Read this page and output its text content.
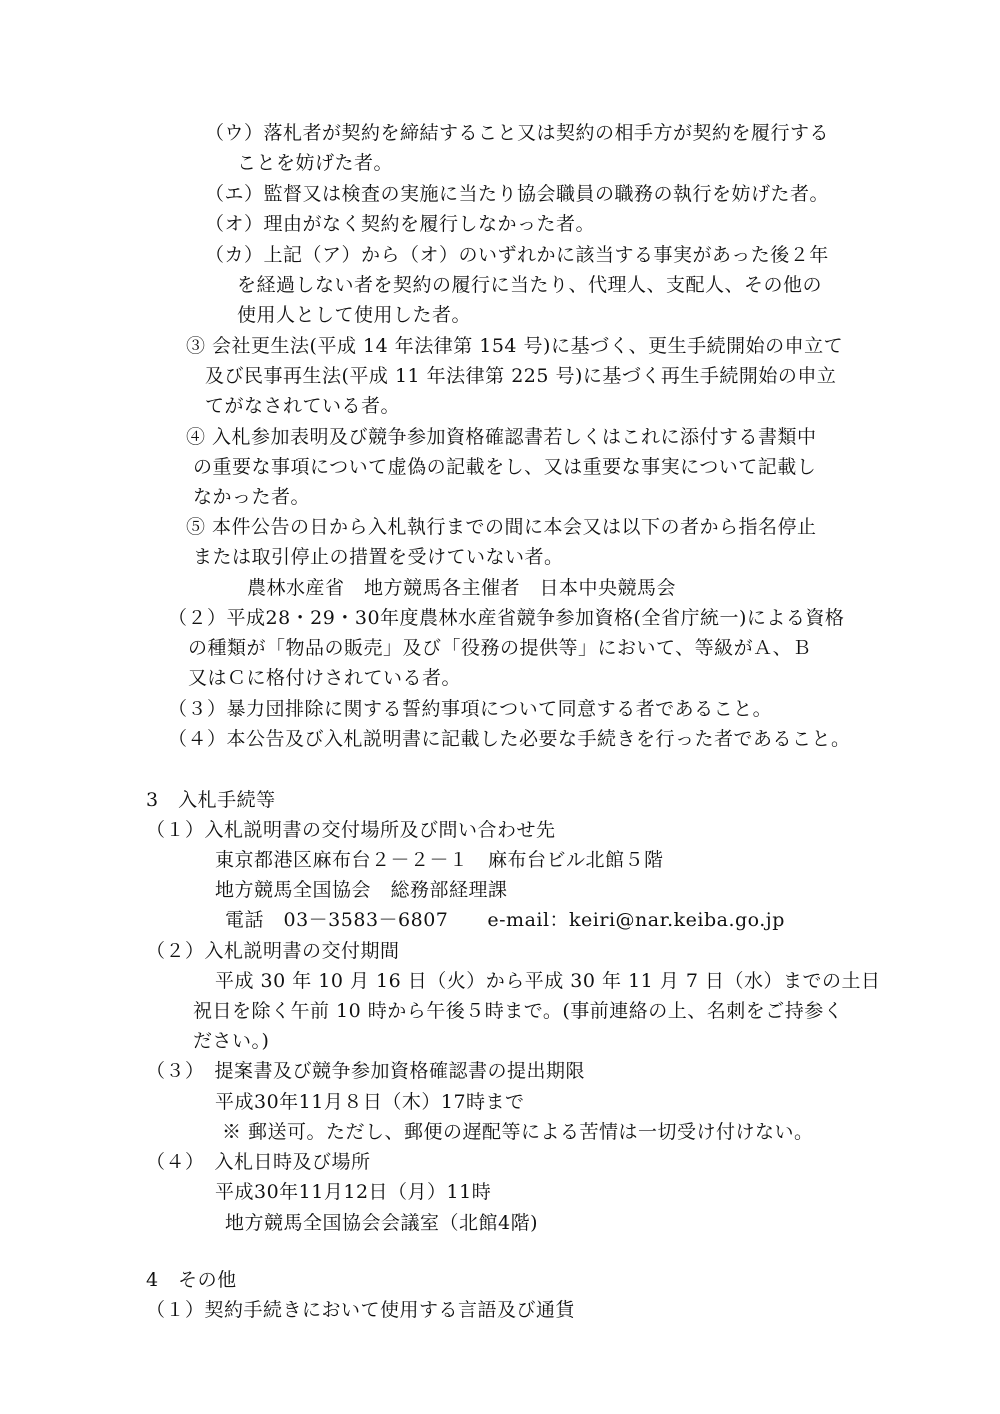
（ウ）落札者が契約を締結すること又は契約の相手方が契約を履行する
ことを妨げた者。
（エ）監督又は検査の実施に当たり協会職員の職務の執行を妨げた者。
（オ）理由がなく契約を履行しなかった者。
（カ）上記（ア）から（オ）のいずれかに該当する事実があった後２年
を経過しない者を契約の履行に当たり、代理人、支配人、その他の
使用人として使用した者。
③ 会社更生法(平成 14 年法律第 154 号)に基づく、更生手続開始の申立て
及び民事再生法(平成 11 年法律第 225 号)に基づく再生手続開始の申立
てがなされている者。
④ 入札参加表明及び競争参加資格確認書若しくはこれに添付する書類中
の重要な事項について虚偽の記載をし、又は重要な事実について記載し
なかった者。
⑤ 本件公告の日から入札執行までの間に本会又は以下の者から指名停止
または取引停止の措置を受けていない者。
農林水産省　地方競馬各主催者　日本中央競馬会
（２）平成28・29・30年度農林水産省競争参加資格(全省庁統一)による資格
の種類が「物品の販売」及び「役務の提供等」において、等級がＡ、Ｂ
又はＣに格付けされている者。
（３）暴力団排除に関する誓約事項について同意する者であること。
（４）本公告及び入札説明書に記載した必要な手続きを行った者であること。
3　入札手続等
（１）入札説明書の交付場所及び問い合わせ先
東京都港区麻布台２－２－１　麻布台ビル北館５階
地方競馬全国協会　総務部経理課
電話　03－3583－6807　　e-mail：keiri@nar.keiba.go.jp
（２）入札説明書の交付期間
平成 30 年 10 月 16 日（火）から平成 30 年 11 月 7 日（水）までの土日
祝日を除く午前 10 時から午後５時まで。(事前連絡の上、名刺をご持参く
ださい。)
（３）　提案書及び競争参加資格確認書の提出期限
平成30年11月８日（木）17時まで
※ 郵送可。ただし、郵便の遅配等による苦情は一切受け付けない。
（４）　入札日時及び場所
平成30年11月12日（月）11時
地方競馬全国協会会議室（北館4階)
4　その他
（１）契約手続きにおいて使用する言語及び通貨
